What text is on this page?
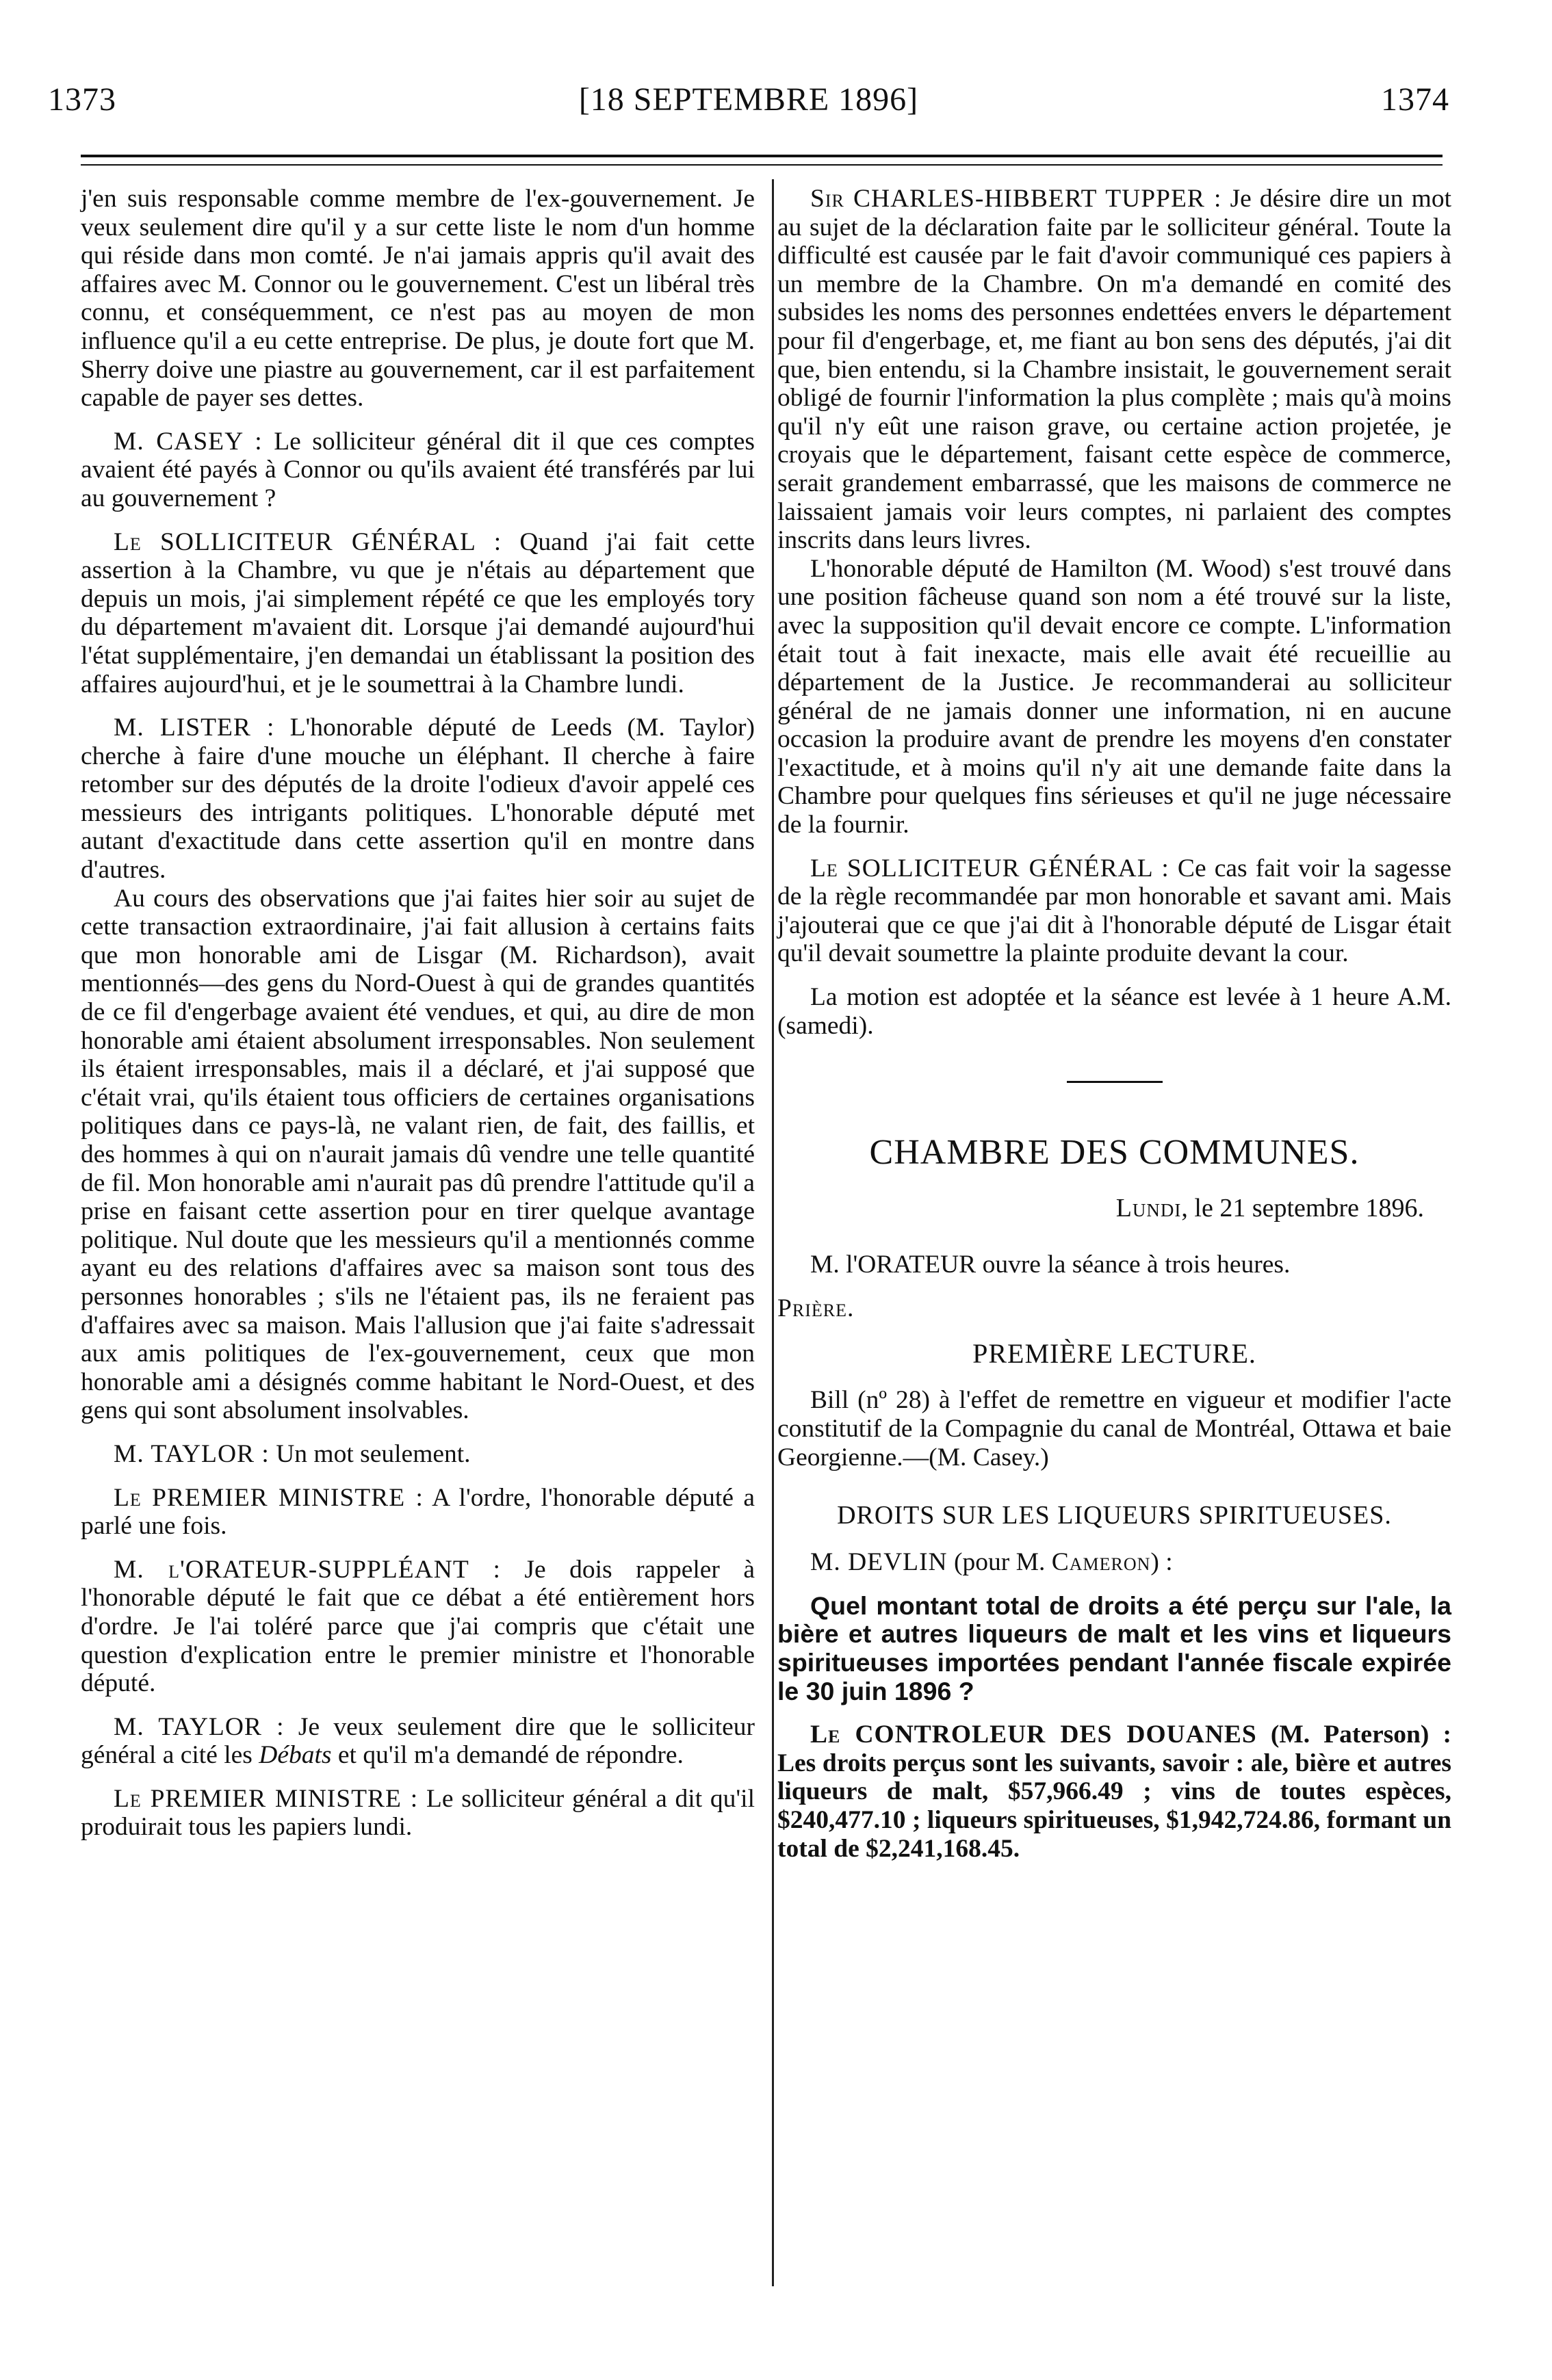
1373	[18 SEPTEMBRE 1896]	1374

j'en suis responsable comme membre de l'ex-gouvernement. Je veux seulement dire qu'il y a sur cette liste le nom d'un homme qui réside dans mon comté. Je n'ai jamais appris qu'il avait des affaires avec M. Connor ou le gouvernement. C'est un libéral très connu, et conséquemment, ce n'est pas au moyen de mon influence qu'il a eu cette entreprise. De plus, je doute fort que M. Sherry doive une piastre au gouvernement, car il est parfaitement capable de payer ses dettes.

M. CASEY : Le solliciteur général dit il que ces comptes avaient été payés à Connor ou qu'ils avaient été transférés par lui au gouvernement ?

Le SOLLICITEUR GÉNÉRAL : Quand j'ai fait cette assertion à la Chambre, vu que je n'étais au département que depuis un mois, j'ai simplement répété ce que les employés tory du département m'avaient dit. Lorsque j'ai demandé aujourd'hui l'état supplémentaire, j'en demandai un établissant la position des affaires aujourd'hui, et je le soumettrai à la Chambre lundi.

M. LISTER : L'honorable député de Leeds (M. Taylor) cherche à faire d'une mouche un éléphant. Il cherche à faire retomber sur des députés de la droite l'odieux d'avoir appelé ces messieurs des intrigants politiques. L'honorable député met autant d'exactitude dans cette assertion qu'il en montre dans d'autres.

Au cours des observations que j'ai faites hier soir au sujet de cette transaction extraordinaire, j'ai fait allusion à certains faits que mon honorable ami de Lisgar (M. Richardson), avait mentionnés—des gens du Nord-Ouest à qui de grandes quantités de ce fil d'engerbage avaient été vendues, et qui, au dire de mon honorable ami étaient absolument irresponsables. Non seulement ils étaient irresponsables, mais il a déclaré, et j'ai supposé que c'était vrai, qu'ils étaient tous officiers de certaines organisations politiques dans ce pays-là, ne valant rien, de fait, des faillis, et des hommes à qui on n'aurait jamais dû vendre une telle quantité de fil. Mon honorable ami n'aurait pas dû prendre l'attitude qu'il a prise en faisant cette assertion pour en tirer quelque avantage politique. Nul doute que les messieurs qu'il a mentionnés comme ayant eu des relations d'affaires avec sa maison sont tous des personnes honorables ; s'ils ne l'étaient pas, ils ne feraient pas d'affaires avec sa maison. Mais l'allusion que j'ai faite s'adressait aux amis politiques de l'ex-gouvernement, ceux que mon honorable ami a désignés comme habitant le Nord-Ouest, et des gens qui sont absolument insolvables.

M. TAYLOR : Un mot seulement.

Le PREMIER MINISTRE : A l'ordre, l'honorable député a parlé une fois.

M. l'ORATEUR-SUPPLÉANT : Je dois rappeler à l'honorable député le fait que ce débat a été entièrement hors d'ordre. Je l'ai toléré parce que j'ai compris que c'était une question d'explication entre le premier ministre et l'honorable député.

M. TAYLOR : Je veux seulement dire que le solliciteur général a cité les Débats et qu'il m'a demandé de répondre.

Le PREMIER MINISTRE : Le solliciteur général a dit qu'il produirait tous les papiers lundi.

Sir CHARLES-HIBBERT TUPPER : Je désire dire un mot au sujet de la déclaration faite par le solliciteur général. Toute la difficulté est causée par le fait d'avoir communiqué ces papiers à un membre de la Chambre. On m'a demandé en comité des subsides les noms des personnes endettées envers le département pour fil d'engerbage, et, me fiant au bon sens des députés, j'ai dit que, bien entendu, si la Chambre insistait, le gouvernement serait obligé de fournir l'information la plus complète ; mais qu'à moins qu'il n'y eût une raison grave, ou certaine action projetée, je croyais que le département, faisant cette espèce de commerce, serait grandement embarrassé, que les maisons de commerce ne laissaient jamais voir leurs comptes, ni parlaient des comptes inscrits dans leurs livres.

L'honorable député de Hamilton (M. Wood) s'est trouvé dans une position fâcheuse quand son nom a été trouvé sur la liste, avec la supposition qu'il devait encore ce compte. L'information était tout à fait inexacte, mais elle avait été recueillie au département de la Justice. Je recommanderai au solliciteur général de ne jamais donner une information, ni en aucune occasion la produire avant de prendre les moyens d'en constater l'exactitude, et à moins qu'il n'y ait une demande faite dans la Chambre pour quelques fins sérieuses et qu'il ne juge nécessaire de la fournir.

Le SOLLICITEUR GÉNÉRAL : Ce cas fait voir la sagesse de la règle recommandée par mon honorable et savant ami. Mais j'ajouterai que ce que j'ai dit à l'honorable député de Lisgar était qu'il devait soumettre la plainte produite devant la cour.

La motion est adoptée et la séance est levée à 1 heure A.M. (samedi).

CHAMBRE DES COMMUNES.
Lundi, le 21 septembre 1896.

M. l'ORATEUR ouvre la séance à trois heures.

Prière.

PREMIÈRE LECTURE.

Bill (nº 28) à l'effet de remettre en vigueur et modifier l'acte constitutif de la Compagnie du canal de Montréal, Ottawa et baie Georgienne.—(M. Casey.)

DROITS SUR LES LIQUEURS SPIRITUEUSES.

M. DEVLIN (pour M. Cameron) :

Quel montant total de droits a été perçu sur l'ale, la bière et autres liqueurs de malt et les vins et liqueurs spiritueuses importées pendant l'année fiscale expirée le 30 juin 1896 ?

Le CONTROLEUR DES DOUANES (M. Paterson) : Les droits perçus sont les suivants, savoir : ale, bière et autres liqueurs de malt, $57,966.49 ; vins de toutes espèces, $240,477.10 ; liqueurs spiritueuses, $1,942,724.86, formant un total de $2,241,168.45.
